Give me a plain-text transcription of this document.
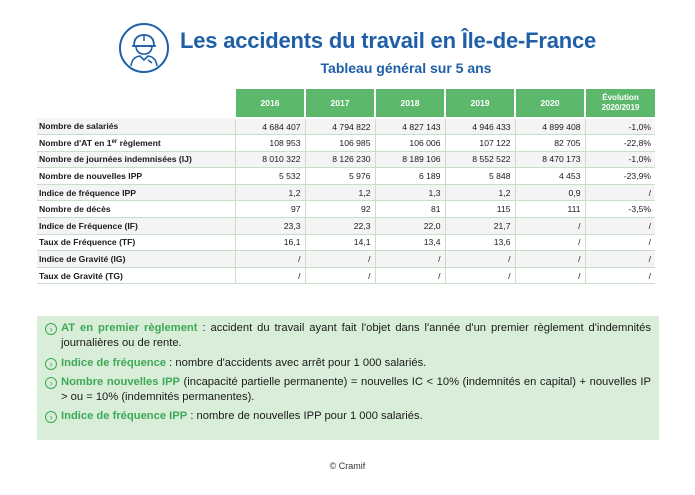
Les accidents du travail en Île-de-France
Tableau général sur 5 ans
	2016	2017	2018	2019	2020	Évolution
2020/2019
Nombre de salariés	4 684 407	4 794 822	4 827 143	4 946 433	4 899 408	-1,0%
Nombre d'AT en 1er règlement	108 953	106 985	106 006	107 122	82 705	-22,8%
Nombre de journées indemnisées (IJ)	8 010 322	8 126 230	8 189 106	8 552 522	8 470 173	-1,0%
Nombre de nouvelles IPP	5 532	5 976	6 189	5 848	4 453	-23,9%
Indice de fréquence IPP	1,2	1,2	1,3	1,2	0,9	/
Nombre de décès	97	92	81	115	111	-3,5%
Indice de Fréquence (IF)	23,3	22,3	22,0	21,7	/	/
Taux de Fréquence (TF)	16,1	14,1	13,4	13,6	/	/
Indice de Gravité (IG)	/	/	/	/	/	/
Taux de Gravité (TG)	/	/	/	/	/	/
› AT en premier règlement : accident du travail ayant fait l'objet dans l'année d'un premier règlement d'indemnités journalières ou de rente.
› Indice de fréquence : nombre d'accidents avec arrêt pour 1 000 salariés.
› Nombre nouvelles IPP (incapacité partielle permanente) = nouvelles IC < 10% (indemnités en capital) + nouvelles IP > ou = 10% (indemnités permanentes).
› Indice de fréquence IPP : nombre de nouvelles IPP pour 1 000 salariés.
© Cramif
